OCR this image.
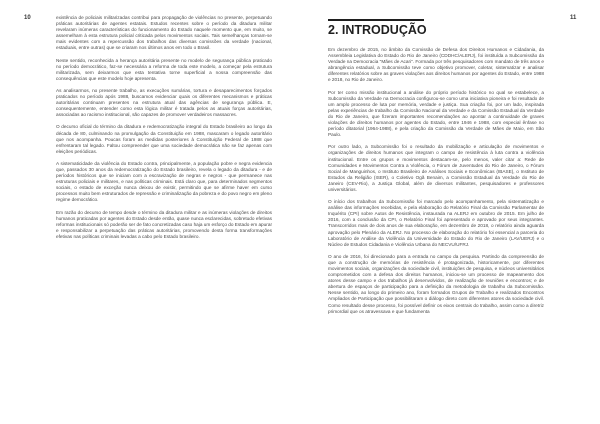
10	11

existência de policiais militarizadas contribui para propagação de violências no presente, perpetuando práticas autoritárias de agentes estatais. Estudos recentes sobre o período da ditadura militar revelaram inúmeras características do funcionamento do Estado naquele momento que, em muito, se assemelham à esta estrutura policial criticada pelos movimentos sociais. Tais semelhanças tornam-se mais evidentes com a repercussão dos trabalhos das diversas comissões da verdade (nacional, estaduais, entre outras) que se criaram nos últimos anos em todo o Brasil.

Neste sentido, reconhecida a herança autoritária presente no modelo de segurança pública praticado no período democrático, faz-se necessária a reforma de toda este modelo, a começar pela estrutura militarizada, sem deixarmos que esta tentativa torne superficial a nossa compreensão das consequências que este modelo hoje apresenta.

As analisarmos, no presente trabalho, as execuções sumárias, tortura e desaparecimentos forçados praticados no período após 1988, buscamos evidenciar quais os diferentes mecanismos e práticas autoritárias continuam presentes na estrutura atual das agências de segurança pública. E, consequentemente, entender como esta lógica militar é tratada pelos as atuais forças autoritárias, associadas ao racismo institucional, são capazes de promover verdadeiros massacres.

O decurso oficial do término da ditadura e redemocratização integral do Estado brasileiro ao longo da década de 80, culminando na promulgação da Constituição em 1988, mascaram o legado autoritário que nos acompanha. Poucas foram as medidas posteriores à Constituição Federal de 1988 que enfrentaram tal legado. Faltou compreender que uma sociedade democrática não se faz apenas com eleições periódicas.

A sistematicidade da violência do Estado contra, principalmente, a população pobre e negra evidencia que, passados 30 anos da redemocratização do Estado brasileiro, revela o legado da ditadura - e de períodos históricos que se iniciam com a escravização de negras e negros - que permanece nas estruturas policiais e militares, e nas políticas criminais. Está claro que, para determinados segmentos sociais, o estado de exceção nunca deixou de existir, permitindo que se afirme haver em curso processos muito bem estruturados de repressão e criminalização da pobreza e do povo negro em pleno regime democrático.

Em razão do decurso de tempo desde o término da ditadura militar e as inúmeras violações de direitos humanos praticadas por agentes do Estado desde então, quase nunca esclarecidas, sobretudo efetivas reformas institucionais só poderão ser de fato concretizadas caso haja um esforço do Estado em apurar e responsabilizar a perpetuação das práticas autoritárias, promovendo desta forma transformações efetivas nas políticas criminais levadas a cabo pelo Estado brasileiro.

2. INTRODUÇÃO

Em dezembro de 2015, no âmbito da Comissão de Defesa dos Direitos Humanos e Cidadania, da Assembleia Legislativa do Estado do Rio de Janeiro (CDDHC/ALERJ), foi instituída a Subcomissão da Verdade na Democracia "Mães de Acari". Formada por três pesquisadores com mandato de três anos e abrangência estadual, a Subcomissão teve como objetivo promover, coletar, sistematizar e analisar diferentes relatórios sobre as graves violações aos direitos humanos por agentes do Estado, entre 1988 e 2018, no Rio de Janeiro.

Por ter como missão institucional a análise do próprio período histórico no qual se estabelece, a Subcomissão da Verdade na Democracia configurou-se como uma iniciativa pioneira e foi resultado de um amplo processo de luta por memória, verdade e justiça. Sua criação foi, por um lado, inspirada pelas experiências de trabalho da Comissão Nacional da Verdade e da Comissão Estadual da Verdade do Rio de Janeiro, que fizeram importantes recomendações ao apontar a continuidade de graves violações de direitos humanos por agentes do Estado, entre 1946 e 1988, com especial ênfase no período ditatorial (1964-1988), e pela criação da Comissão da Verdade de Mães de Maio, em São Paulo.

Por outro lado, a Subcomissão foi o resultado da mobilização e articulação de movimentos e organizações de direitos humanos que integram o campo de resistência à luta contra a violência institucional. Entre os grupos e movimentos destacam-se, pelo menos, valer citar a: Rede de Comunidades e Movimentos Contra a Violência, o Fórum de Juventudes do Rio de Janeiro, o Fórum Social de Manguinhos, o Instituto Brasileiro de Análises Sociais e Econômicas (IBASE), o Instituto de Estudos da Religião (ISER), o Coletivo Ogã Benaim, a Comissão Estadual da Verdade do Rio de Janeiro (CEV-Rio), a Justiça Global, além de diversos militantes, pesquisadores e professores universitários.

O início dos trabalhos da Subcomissão foi marcado pelo acompanhamento, pela sistematização e análise das informações recebidas, e pela elaboração do Relatório Final da Comissão Parlamentar de Inquérito (CPI) sobre Autos de Resistência, instaurada na ALERJ em outubro de 2015. Em julho de 2016, com a conclusão da CPI, o Relatório Final foi apresentado e aprovado por seus integrantes. Transcorridos mais de dois anos de sua elaboração, em dezembro de 2018, o relatório ainda aguarda aprovação pelo Plenário da ALERJ. No processo de elaboração do relatório foi essencial a parceria do Laboratório de Análise da Violência da Universidade do Estado do Rio de Janeiro (LAV/UERJ) e o Núcleo de Estudos Cidadania e Violência Urbana do NECVU/UFRJ.

O ano de 2016, foi direcionado para a entrada no campo da pesquisa. Partindo da compreensão de que a construção de memórias de resistência é protagonizada, historicamente, por diferentes movimentos sociais, organizações da sociedade civil, instituições de pesquisa, e núcleos universitários comprometidos com a defesa dos direitos humanos, iniciou-se um processo de mapeamento dos atores desse campo e dos trabalhos já desenvolvidos, de realização de reuniões e encontros; e de abertura de espaços de participação para a definição da metodologia de trabalho da Subcomissão. Nesse sentido, ao longo do primeiro ano, foram formados Grupos de Trabalho e realizados Encontros Ampliados de Participação que possibilitaram o diálogo direto com diferentes atores da sociedade civil. Como resultado desse processo, foi possível definir os eixos centrais do trabalho, assim como a diretriz primordial que os atravessava e que fundamenta
